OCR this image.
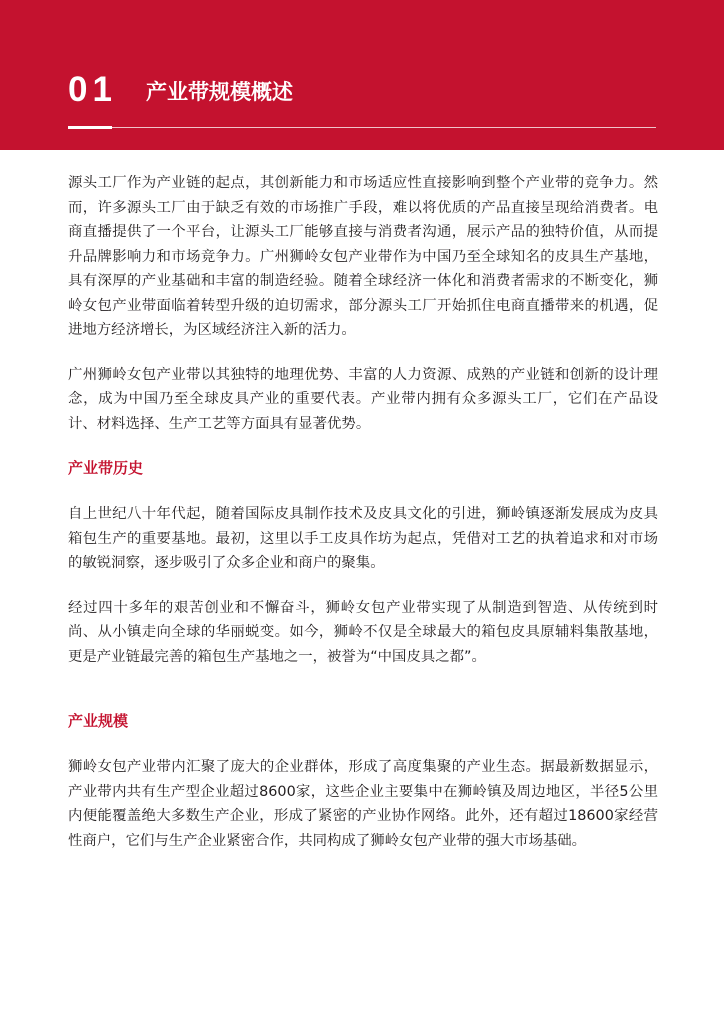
01 产业带规模概述

源头工厂作为产业链的起点，其创新能力和市场适应性直接影响到整个产业带的竞争力。然而，许多源头工厂由于缺乏有效的市场推广手段，难以将优质的产品直接呈现给消费者。电商直播提供了一个平台，让源头工厂能够直接与消费者沟通，展示产品的独特价值，从而提升品牌影响力和市场竞争力。广州狮岭女包产业带作为中国乃至全球知名的皮具生产基地，具有深厚的产业基础和丰富的制造经验。随着全球经济一体化和消费者需求的不断变化，狮岭女包产业带面临着转型升级的迫切需求，部分源头工厂开始抓住电商直播带来的机遇，促进地方经济增长，为区域经济注入新的活力。

广州狮岭女包产业带以其独特的地理优势、丰富的人力资源、成熟的产业链和创新的设计理念，成为中国乃至全球皮具产业的重要代表。产业带内拥有众多源头工厂，它们在产品设计、材料选择、生产工艺等方面具有显著优势。

产业带历史

自上世纪八十年代起，随着国际皮具制作技术及皮具文化的引进，狮岭镇逐渐发展成为皮具箱包生产的重要基地。最初，这里以手工皮具作坊为起点，凭借对工艺的执着追求和对市场的敏锐洞察，逐步吸引了众多企业和商户的聚集。

经过四十多年的艰苦创业和不懈奋斗，狮岭女包产业带实现了从制造到智造、从传统到时尚、从小镇走向全球的华丽蜕变。如今，狮岭不仅是全球最大的箱包皮具原辅料集散基地，更是产业链最完善的箱包生产基地之一，被誉为“中国皮具之都”。

产业规模

狮岭女包产业带内汇聚了庞大的企业群体，形成了高度集聚的产业生态。据最新数据显示，产业带内共有生产型企业超过8600家，这些企业主要集中在狮岭镇及周边地区，半径5公里内便能覆盖绝大多数生产企业，形成了紧密的产业协作网络。此外，还有超过18600家经营性商户，它们与生产企业紧密合作，共同构成了狮岭女包产业带的强大市场基础。
